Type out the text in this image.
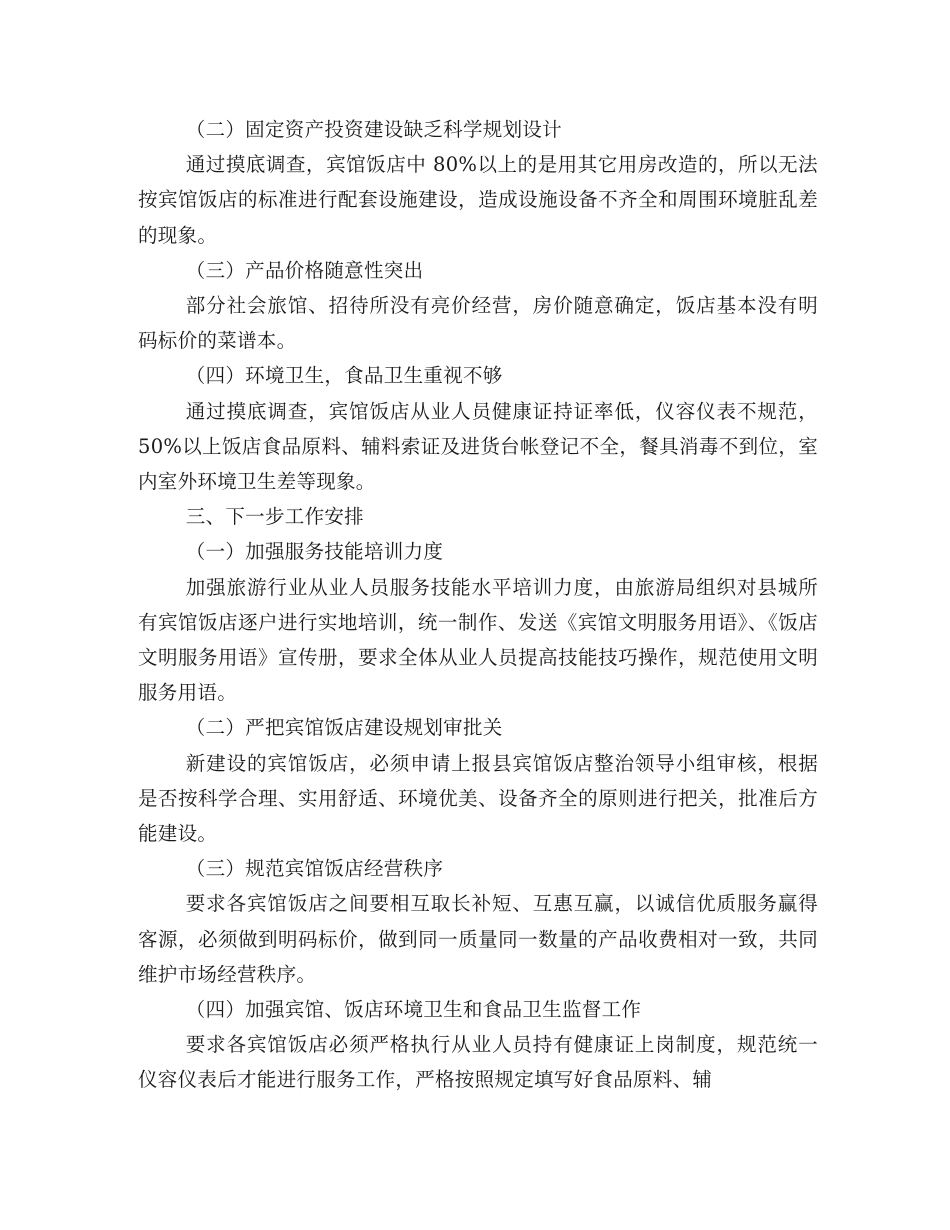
（二）固定资产投资建设缺乏科学规划设计

通过摸底调查，宾馆饭店中 80%以上的是用其它用房改造的，所以无法按宾馆饭店的标准进行配套设施建设，造成设施设备不齐全和周围环境脏乱差的现象。

（三）产品价格随意性突出

部分社会旅馆、招待所没有亮价经营，房价随意确定，饭店基本没有明码标价的菜谱本。

（四）环境卫生，食品卫生重视不够

通过摸底调查，宾馆饭店从业人员健康证持证率低，仪容仪表不规范，50%以上饭店食品原料、辅料索证及进货台帐登记不全，餐具消毒不到位，室内室外环境卫生差等现象。

三、下一步工作安排

（一）加强服务技能培训力度

加强旅游行业从业人员服务技能水平培训力度，由旅游局组织对县城所有宾馆饭店逐户进行实地培训，统一制作、发送《宾馆文明服务用语》、《饭店文明服务用语》宣传册，要求全体从业人员提高技能技巧操作，规范使用文明服务用语。

（二）严把宾馆饭店建设规划审批关

新建设的宾馆饭店，必须申请上报县宾馆饭店整治领导小组审核，根据是否按科学合理、实用舒适、环境优美、设备齐全的原则进行把关，批准后方能建设。

（三）规范宾馆饭店经营秩序

要求各宾馆饭店之间要相互取长补短、互惠互赢，以诚信优质服务赢得客源，必须做到明码标价，做到同一质量同一数量的产品收费相对一致，共同维护市场经营秩序。

（四）加强宾馆、饭店环境卫生和食品卫生监督工作

要求各宾馆饭店必须严格执行从业人员持有健康证上岗制度，规范统一仪容仪表后才能进行服务工作，严格按照规定填写好食品原料、辅
